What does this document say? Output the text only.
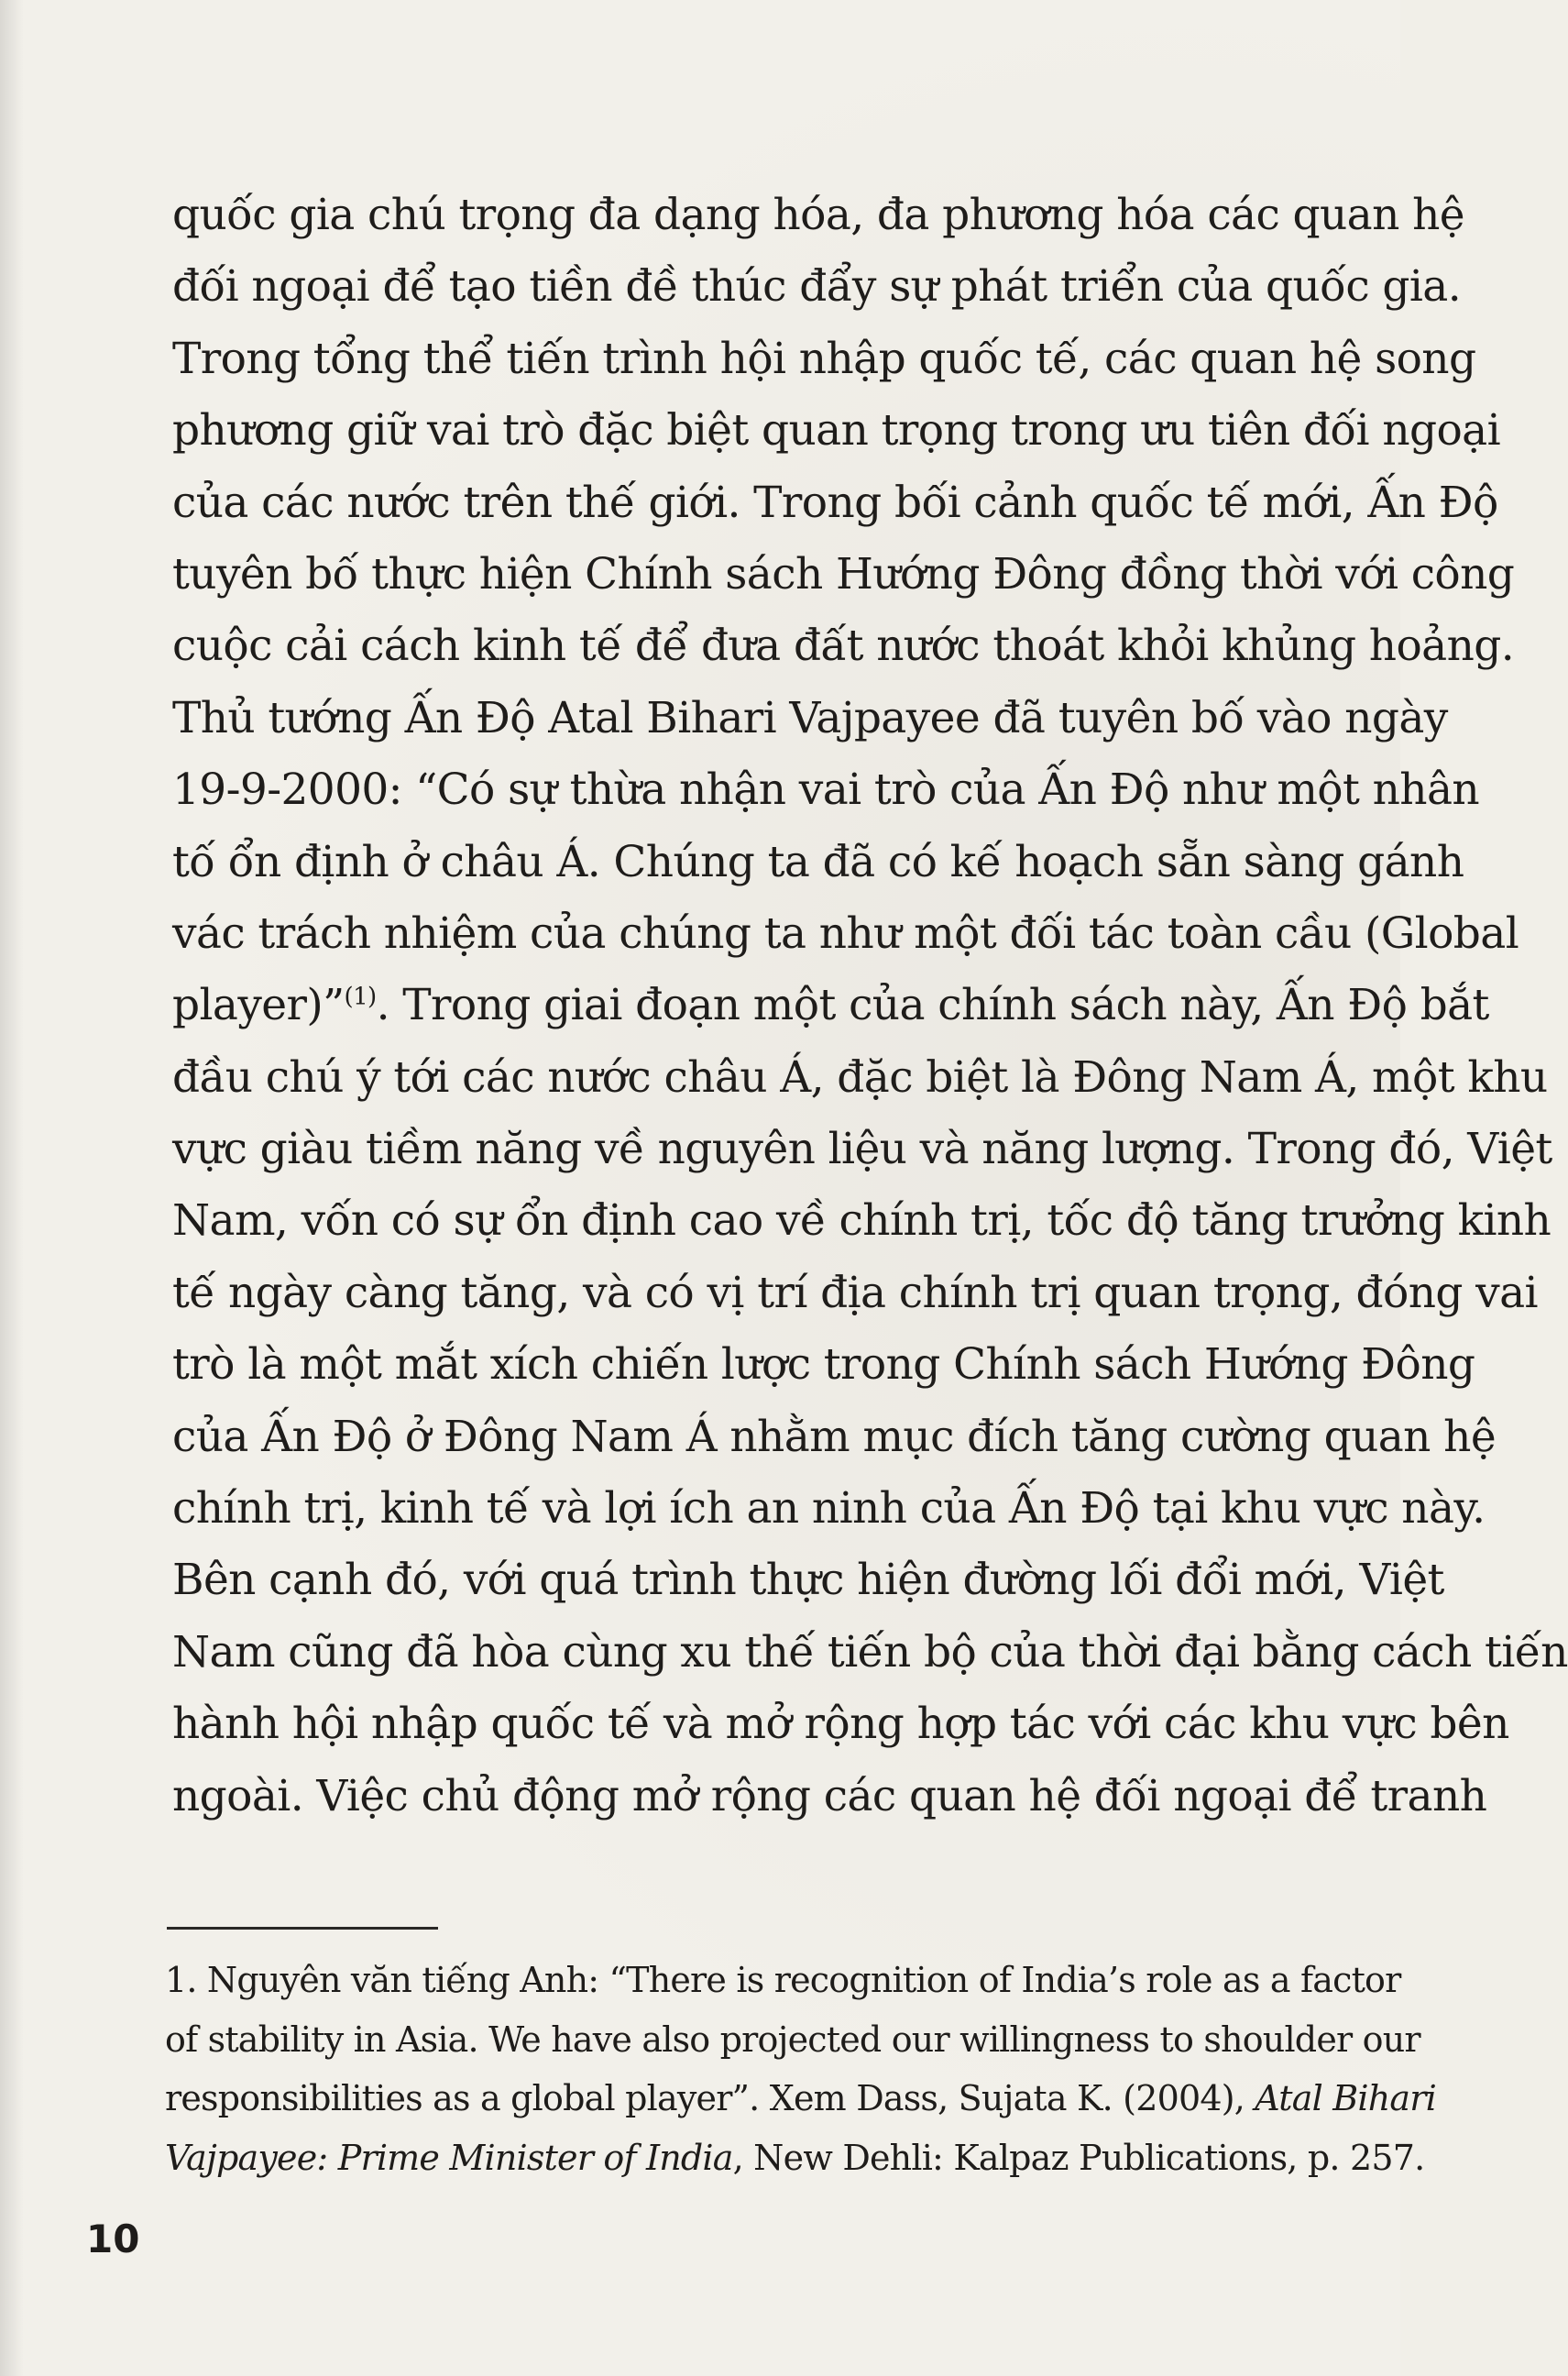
quốc gia chú trọng đa dạng hóa, đa phương hóa các quan hệ
đối ngoại để tạo tiền đề thúc đẩy sự phát triển của quốc gia.
Trong tổng thể tiến trình hội nhập quốc tế, các quan hệ song
phương giữ vai trò đặc biệt quan trọng trong ưu tiên đối ngoại
của các nước trên thế giới. Trong bối cảnh quốc tế mới, Ấn Độ
tuyên bố thực hiện Chính sách Hướng Đông đồng thời với công
cuộc cải cách kinh tế để đưa đất nước thoát khỏi khủng hoảng.
Thủ tướng Ấn Độ Atal Bihari Vajpayee đã tuyên bố vào ngày
19-9-2000: “Có sự thừa nhận vai trò của Ấn Độ như một nhân
tố ổn định ở châu Á. Chúng ta đã có kế hoạch sẵn sàng gánh
vác trách nhiệm của chúng ta như một đối tác toàn cầu (Global
player)”$^{(1)}$. Trong giai đoạn một của chính sách này, Ấn Độ bắt
đầu chú ý tới các nước châu Á, đặc biệt là Đông Nam Á, một khu
vực giàu tiềm năng về nguyên liệu và năng lượng. Trong đó, Việt
Nam, vốn có sự ổn định cao về chính trị, tốc độ tăng trưởng kinh
tế ngày càng tăng, và có vị trí địa chính trị quan trọng, đóng vai
trò là một mắt xích chiến lược trong Chính sách Hướng Đông
của Ấn Độ ở Đông Nam Á nhằm mục đích tăng cường quan hệ
chính trị, kinh tế và lợi ích an ninh của Ấn Độ tại khu vực này.
Bên cạnh đó, với quá trình thực hiện đường lối đổi mới, Việt
Nam cũng đã hòa cùng xu thế tiến bộ của thời đại bằng cách tiến
hành hội nhập quốc tế và mở rộng hợp tác với các khu vực bên
ngoài. Việc chủ động mở rộng các quan hệ đối ngoại để tranh
1. Nguyên văn tiếng Anh: “There is recognition of India’s role as a factor
of stability in Asia. We have also projected our willingness to shoulder our
responsibilities as a global player”. Xem Dass, Sujata K. (2004), Atal Bihari
Vajpayee: Prime Minister of India, New Dehli: Kalpaz Publications, p. 257.
10
